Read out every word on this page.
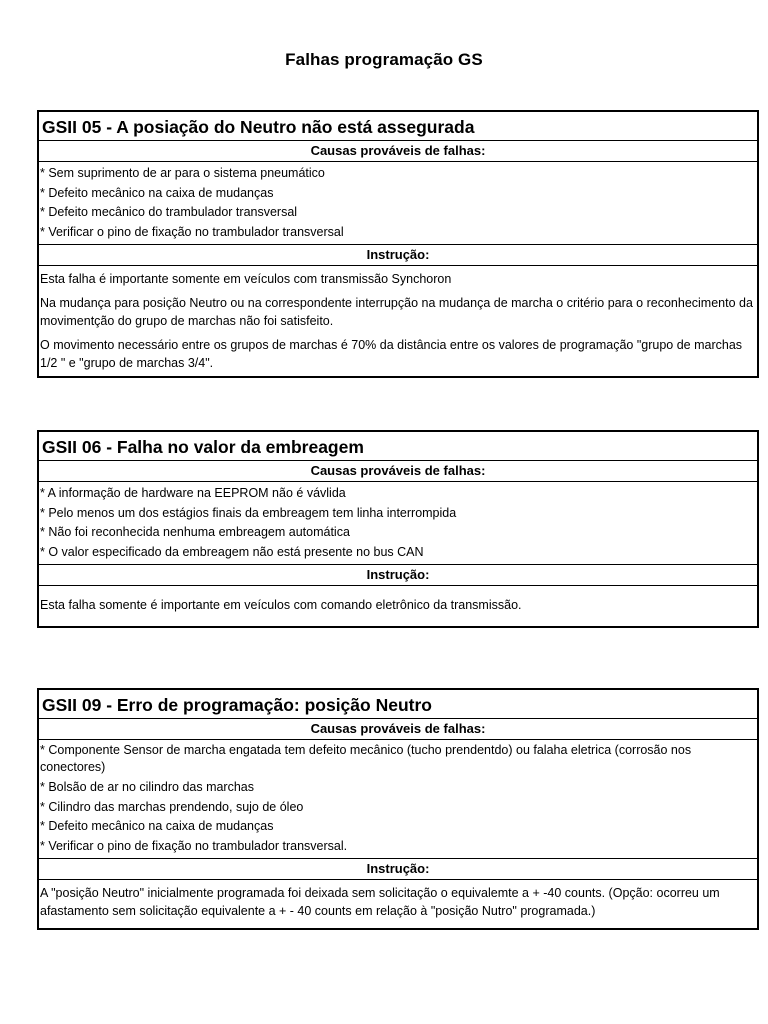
Falhas programação GS
GSII 05 - A posiação do Neutro não está assegurada
Causas prováveis de falhas:
* Sem suprimento de ar para o sistema pneumático
* Defeito mecânico na caixa de mudanças
* Defeito mecânico do trambulador transversal
* Verificar o pino de fixação no trambulador transversal
Instrução:

Esta falha é importante somente em veículos com transmissão Synchoron

Na mudança para posição Neutro ou na correspondente interrupção na mudança de marcha o critério para o reconhecimento da movimentção do grupo de marchas não foi satisfeito.

O movimento necessário entre os grupos de marchas é 70% da distância entre os valores de programação "grupo de marchas 1/2 " e "grupo de marchas 3/4".

GSII 06 - Falha no valor da embreagem
Causas prováveis de falhas:
* A informação de hardware na EEPROM não é vávlida
* Pelo menos um dos estágios finais da embreagem tem linha interrompida
* Não foi reconhecida nenhuma embreagem automática
* O valor especificado da embreagem não está presente no bus CAN
Instrução:

Esta falha somente é importante em veículos com comando eletrônico da transmissão.

GSII 09 - Erro de programação: posição Neutro
Causas prováveis de falhas:
* Componente Sensor de marcha engatada tem defeito mecânico (tucho prendentdo) ou falaha eletrica (corrosão nos conectores)
* Bolsão de ar no cilindro das marchas
* Cilindro das marchas prendendo, sujo de óleo
* Defeito mecânico na caixa de mudanças
* Verificar o pino de fixação no trambulador transversal.
Instrução:

A "posição Neutro" inicialmente programada foi deixada sem solicitação o equivalemte a + -40 counts. (Opção: ocorreu um afastamento sem solicitação equivalente a + - 40 counts em relação à "posição Nutro" programada.)
